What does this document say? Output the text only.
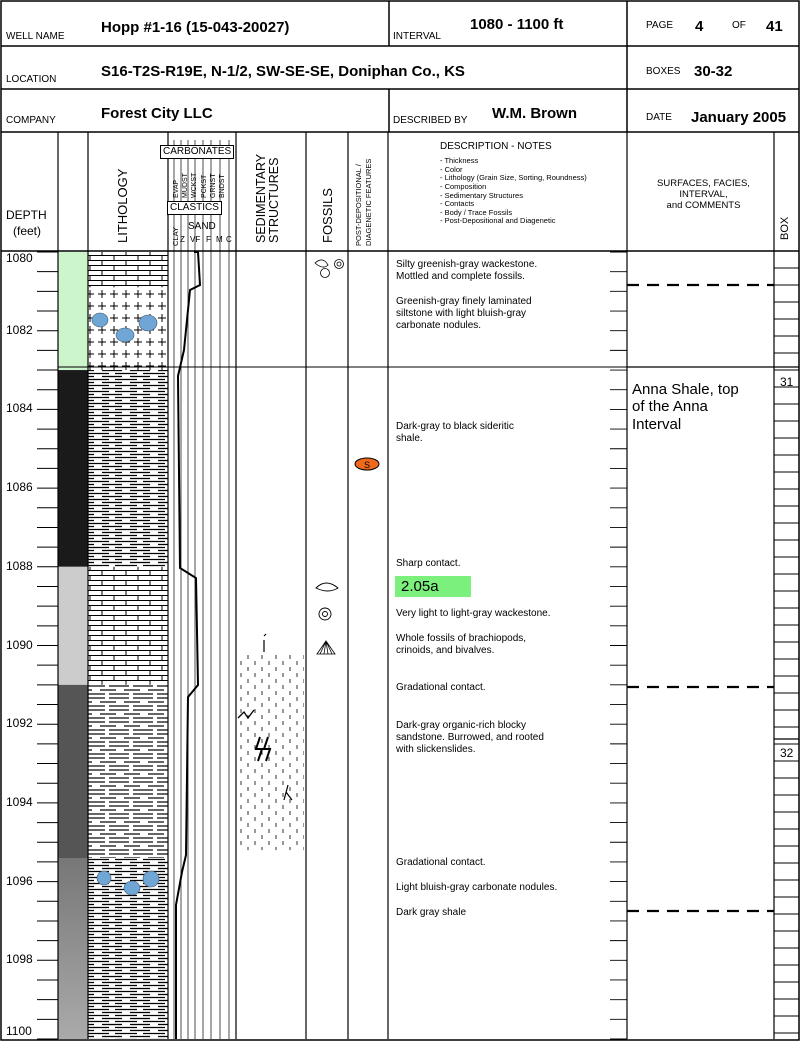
S
WELL NAME
Hopp #1-16 (15-043-20027)
INTERVAL
1080 - 1100 ft	PAGE 4	OF 41
LOCATION	S16-T2S-R19E, N-1/2, SW-SE-SE, Doniphan Co., KS	BOXES 30-32
COMPANY	Forest City LLC	DESCRIBED BY W.M. Brown	DATE January 2005
DEPTH
(feet)	LITHOLOGY
CARBONATES
CLASTICS
CLAY
SAND
EVAP MUDST WCKST PCKST GRNST BNDST
Z VF F M C SEDIMENTARY STRUCTURES	FOSSILS	POST-DEPOSITIONAL / DIAGENETIC FEATURES
DESCRIPTION - NOTES
- Thickness
- Color
- Lithology (Grain Size, Sorting, Roundness)
- Composition
- Sedimentary Structures
- Contacts
- Body / Trace Fossils
- Post-Depositional and Diagenetic
SURFACES, FACIES,
INTERVAL,
and COMMENTS
BOX
1080
1082
1084
1086
1088
1090
1092
1094
1096
1098
1100
Silty greenish-gray wackestone.
Mottled and complete fossils.
Greenish-gray finely laminated
siltstone with light bluish-gray
carbonate nodules.
Dark-gray to black sideritic
shale.
Sharp contact.
Very light to light-gray wackestone.
Whole fossils of brachiopods,
crinoids, and bivalves.
Gradational contact.
Dark-gray organic-rich blocky
sandstone. Burrowed, and rooted
with slickenslides.
Gradational contact.
Light bluish-gray carbonate nodules.
Dark gray shale
2.05a
Anna Shale, top
of the Anna
Interval
31
32
